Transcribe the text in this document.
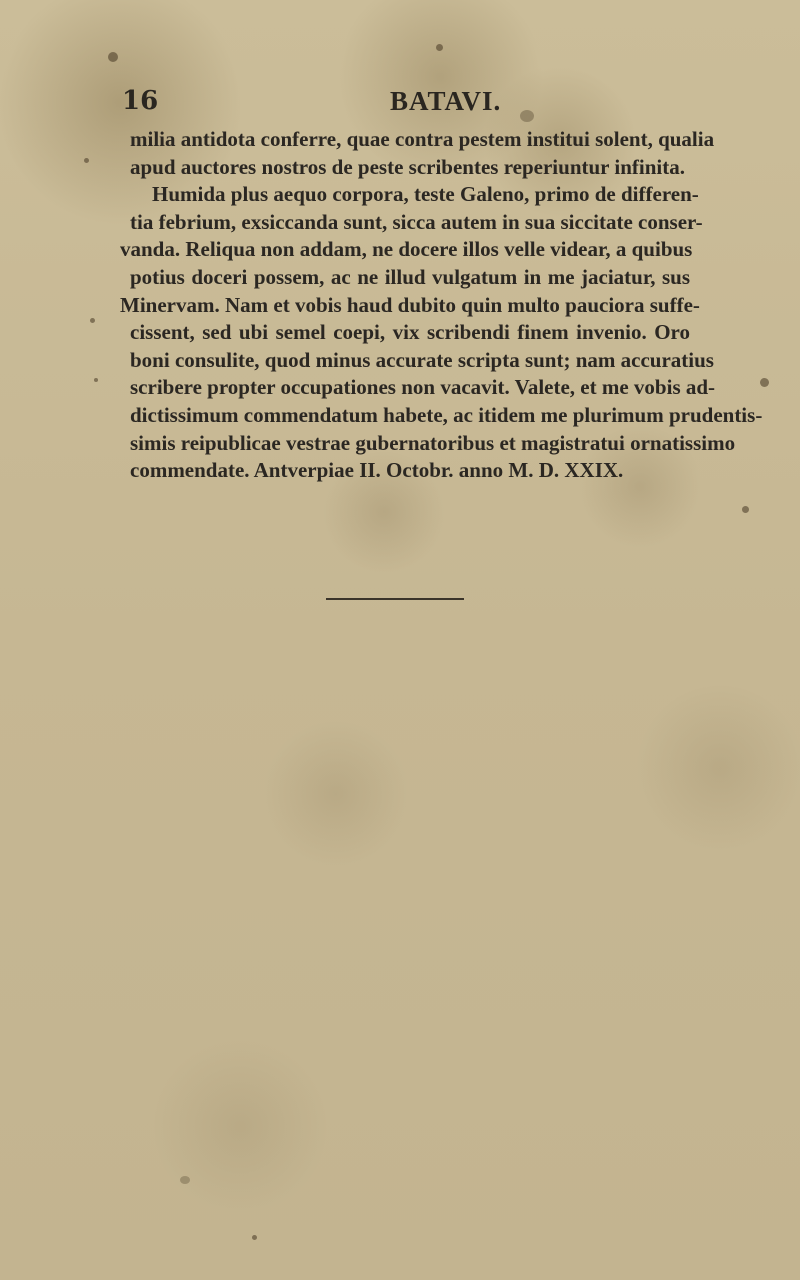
16	BATAVI.
milia antidota conferre, quae contra pestem institui solent, qualia
apud auctores nostros de peste scribentes reperiuntur infinita.
Humida plus aequo corpora, teste Galeno, primo de differen-
tia febrium, exsiccanda sunt, sicca autem in sua siccitate conser-
vanda. Reliqua non addam, ne docere illos velle videar, a quibus
potius doceri possem, ac ne illud vulgatum in me jaciatur, sus
Minervam. Nam et vobis haud dubito quin multo pauciora suffe-
cissent, sed ubi semel coepi, vix scribendi finem invenio. Oro
boni consulite, quod minus accurate scripta sunt; nam accuratius
scribere propter occupationes non vacavit. Valete, et me vobis ad-
dictissimum commendatum habete, ac itidem me plurimum prudentis-
simis reipublicae vestrae gubernatoribus et magistratui ornatissimo
commendate. Antverpiae II. Octobr. anno M. D. XXIX.
